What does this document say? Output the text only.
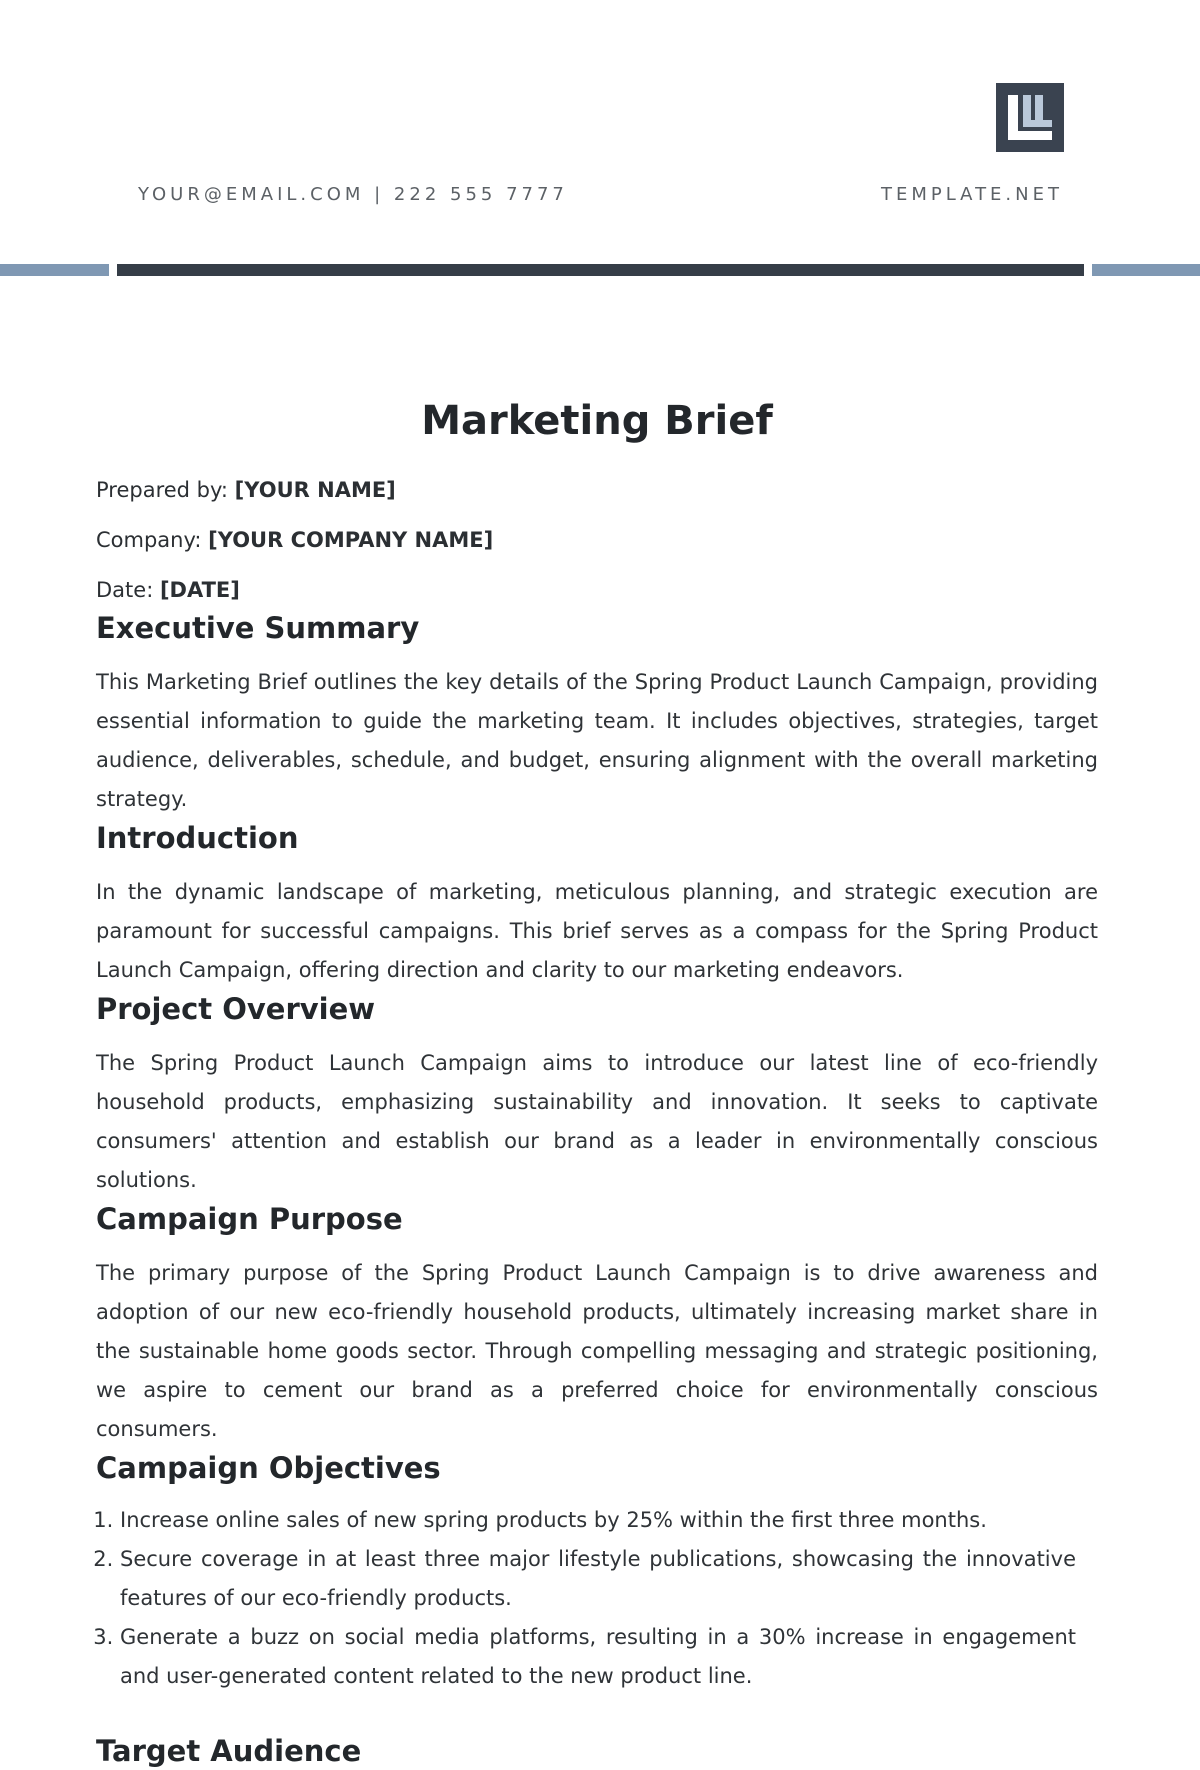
YOUR@EMAIL.COM | 222 555 7777	TEMPLATE.NET
Marketing Brief
Prepared by: [YOUR NAME]
Company: [YOUR COMPANY NAME]
Date: [DATE]
Executive Summary

This Marketing Brief outlines the key details of the Spring Product Launch Campaign, providing essential information to guide the marketing team. It includes objectives, strategies, target audience, deliverables, schedule, and budget, ensuring alignment with the overall marketing strategy.

Introduction

In the dynamic landscape of marketing, meticulous planning, and strategic execution are paramount for successful campaigns. This brief serves as a compass for the Spring Product Launch Campaign, offering direction and clarity to our marketing endeavors.

Project Overview

The Spring Product Launch Campaign aims to introduce our latest line of eco-friendly household products, emphasizing sustainability and innovation. It seeks to captivate consumers' attention and establish our brand as a leader in environmentally conscious solutions.

Campaign Purpose

The primary purpose of the Spring Product Launch Campaign is to drive awareness and adoption of our new eco-friendly household products, ultimately increasing market share in the sustainable home goods sector. Through compelling messaging and strategic positioning, we aspire to cement our brand as a preferred choice for environmentally conscious consumers.

Campaign Objectives
1. Increase online sales of new spring products by 25% within the first three months.
2. Secure coverage in at least three major lifestyle publications, showcasing the innovative features of our eco-friendly products.
3. Generate a buzz on social media platforms, resulting in a 30% increase in engagement and user-generated content related to the new product line.
Target Audience
